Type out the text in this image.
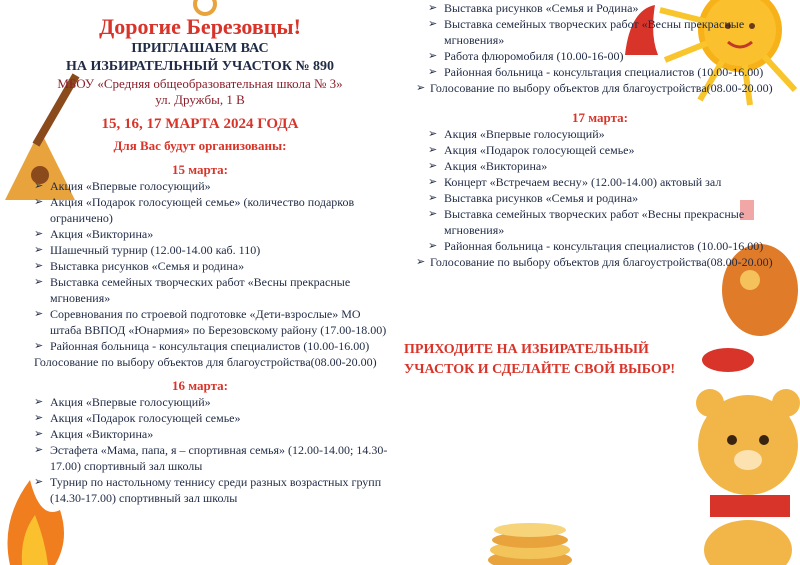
Дорогие Березовцы!
ПРИГЛАШАЕМ ВАС
НА ИЗБИРАТЕЛЬНЫЙ УЧАСТОК № 890
МБОУ «Средняя общеобразовательная школа № 3»
ул. Дружбы, 1 В
15, 16, 17 МАРТА 2024 ГОДА
Для Вас будут организованы:
15 марта:
➢ Акция «Впервые голосующий»
➢ Акция «Подарок голосующей семье» (количество подарков ограничено)
➢ Акция «Викторина»
➢ Шашечный турнир (12.00-14.00 каб. 110)
➢ Выставка рисунков «Семья и родина»
➢ Выставка семейных творческих работ «Весны прекрасные мгновения»
➢ Соревнования по строевой подготовке «Дети-взрослые» МО штаба ВВПОД «Юнармия» по Березовскому району (17.00-18.00)
➢ Районная больница - консультация специалистов (10.00-16.00)
Голосование по выбору объектов для благоустройства(08.00-20.00)
16 марта:
➢ Акция «Впервые голосующий»
➢ Акция «Подарок голосующей семье»
➢ Акция «Викторина»
➢ Эстафета «Мама, папа, я – спортивная семья» (12.00-14.00; 14.30-17.00) спортивный зал школы
➢ Турнир по настольному теннису среди разных возрастных групп (14.30-17.00) спортивный зал школы
➢ Выставка рисунков «Семья и Родина»
➢ Выставка семейных творческих работ «Весны прекрасные мгновения»
➢ Работа флюромобиля (10.00-16-00)
➢ Районная больница - консультация специалистов (10.00-16.00)
➢ Голосование по выбору объектов для благоустройства(08.00-20.00)
17 марта:
➢ Акция «Впервые голосующий»
➢ Акция «Подарок голосующей семье»
➢ Акция «Викторина»
➢ Концерт «Встречаем весну» (12.00-14.00) актовый зал
➢ Выставка рисунков «Семья и родина»
➢ Выставка семейных творческих работ «Весны прекрасные мгновения»
➢ Районная больница - консультация специалистов (10.00-16.00)
➢ Голосование по выбору объектов для благоустройства(08.00-20.00)
ПРИХОДИТЕ НА ИЗБИРАТЕЛЬНЫЙ
УЧАСТОК И СДЕЛАЙТЕ СВОЙ ВЫБОР!
